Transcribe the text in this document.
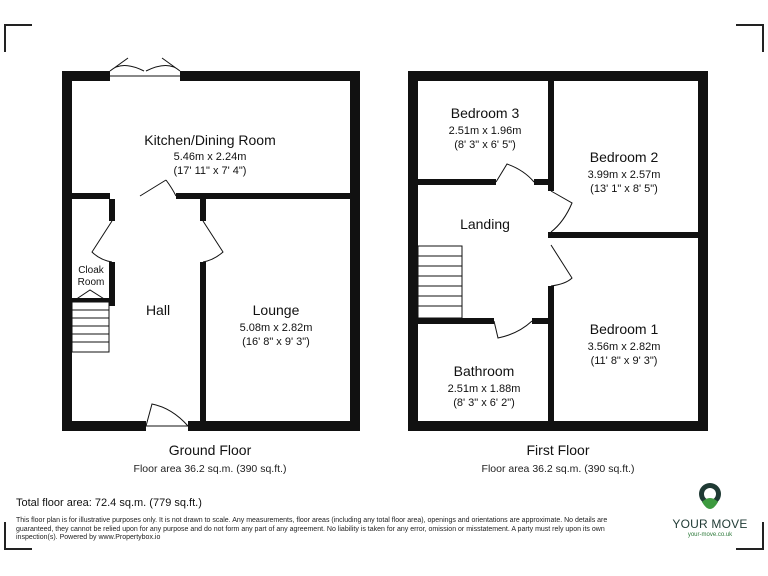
Kitchen/Dining Room
5.46m x 2.24m
(17' 11" x 7' 4")
Cloak
Room
Hall	Lounge
5.08m x 2.82m
(16' 8" x 9' 3")
Ground Floor
Floor area 36.2 sq.m. (390 sq.ft.)
Bedroom 3
2.51m x 1.96m
(8' 3" x 6' 5")
Bedroom 2
3.99m x 2.57m
(13' 1" x 8' 5")
Landing
Bedroom 1
3.56m x 2.82m
(11' 8" x 9' 3")
Bathroom
2.51m x 1.88m
(8' 3" x 6' 2")
First Floor
Floor area 36.2 sq.m. (390 sq.ft.)
Total floor area: 72.4 sq.m. (779 sq.ft.)
This floor plan is for illustrative purposes only. It is not drawn to scale. Any measurements, floor areas (including any total floor area), openings and orientations are approximate. No details are guaranteed, they cannot be relied upon for any purpose and do not form any part of any agreement. No liability is taken for any error, omission or misstatement. A party must rely upon its own inspection(s). Powered by www.Propertybox.io
YOUR MOVE
your-move.co.uk
